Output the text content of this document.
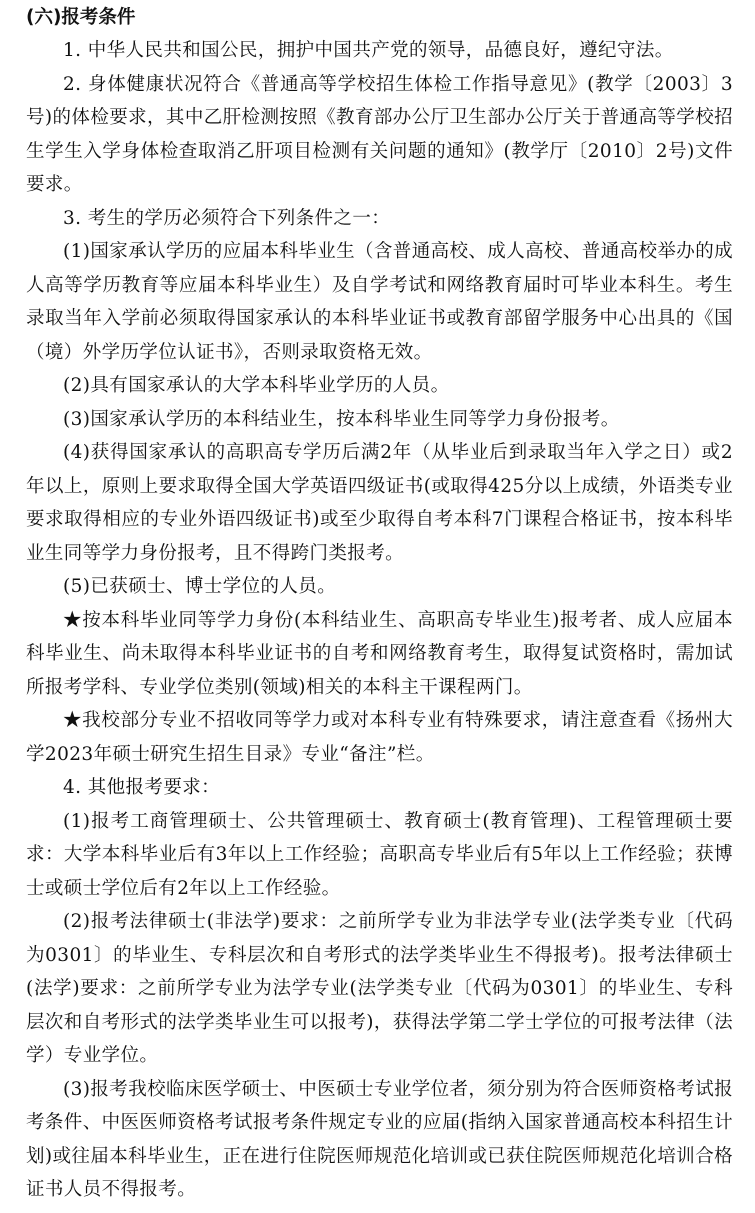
(六)报考条件

1. 中华人民共和国公民，拥护中国共产党的领导，品德良好，遵纪守法。

2. 身体健康状况符合《普通高等学校招生体检工作指导意见》(教学〔2003〕3号)的体检要求，其中乙肝检测按照《教育部办公厅卫生部办公厅关于普通高等学校招生学生入学身体检查取消乙肝项目检测有关问题的通知》(教学厅〔2010〕2号)文件要求。

3. 考生的学历必须符合下列条件之一：

(1)国家承认学历的应届本科毕业生（含普通高校、成人高校、普通高校举办的成人高等学历教育等应届本科毕业生）及自学考试和网络教育届时可毕业本科生。考生录取当年入学前必须取得国家承认的本科毕业证书或教育部留学服务中心出具的《国（境）外学历学位认证书》，否则录取资格无效。

(2)具有国家承认的大学本科毕业学历的人员。

(3)国家承认学历的本科结业生，按本科毕业生同等学力身份报考。

(4)获得国家承认的高职高专学历后满2年（从毕业后到录取当年入学之日）或2年以上，原则上要求取得全国大学英语四级证书(或取得425分以上成绩，外语类专业要求取得相应的专业外语四级证书)或至少取得自考本科7门课程合格证书，按本科毕业生同等学力身份报考，且不得跨门类报考。

(5)已获硕士、博士学位的人员。

★按本科毕业同等学力身份(本科结业生、高职高专毕业生)报考者、成人应届本科毕业生、尚未取得本科毕业证书的自考和网络教育考生，取得复试资格时，需加试所报考学科、专业学位类别(领域)相关的本科主干课程两门。

★我校部分专业不招收同等学力或对本科专业有特殊要求，请注意查看《扬州大学2023年硕士研究生招生目录》专业“备注”栏。

4. 其他报考要求：

(1)报考工商管理硕士、公共管理硕士、教育硕士(教育管理)、工程管理硕士要求：大学本科毕业后有3年以上工作经验；高职高专毕业后有5年以上工作经验；获博士或硕士学位后有2年以上工作经验。

(2)报考法律硕士(非法学)要求：之前所学专业为非法学专业(法学类专业〔代码为0301〕的毕业生、专科层次和自考形式的法学类毕业生不得报考)。报考法律硕士(法学)要求：之前所学专业为法学专业(法学类专业〔代码为0301〕的毕业生、专科层次和自考形式的法学类毕业生可以报考)，获得法学第二学士学位的可报考法律（法学）专业学位。

(3)报考我校临床医学硕士、中医硕士专业学位者，须分别为符合医师资格考试报考条件、中医医师资格考试报考条件规定专业的应届(指纳入国家普通高校本科招生计划)或往届本科毕业生，正在进行住院医师规范化培训或已获住院医师规范化培训合格证书人员不得报考。
